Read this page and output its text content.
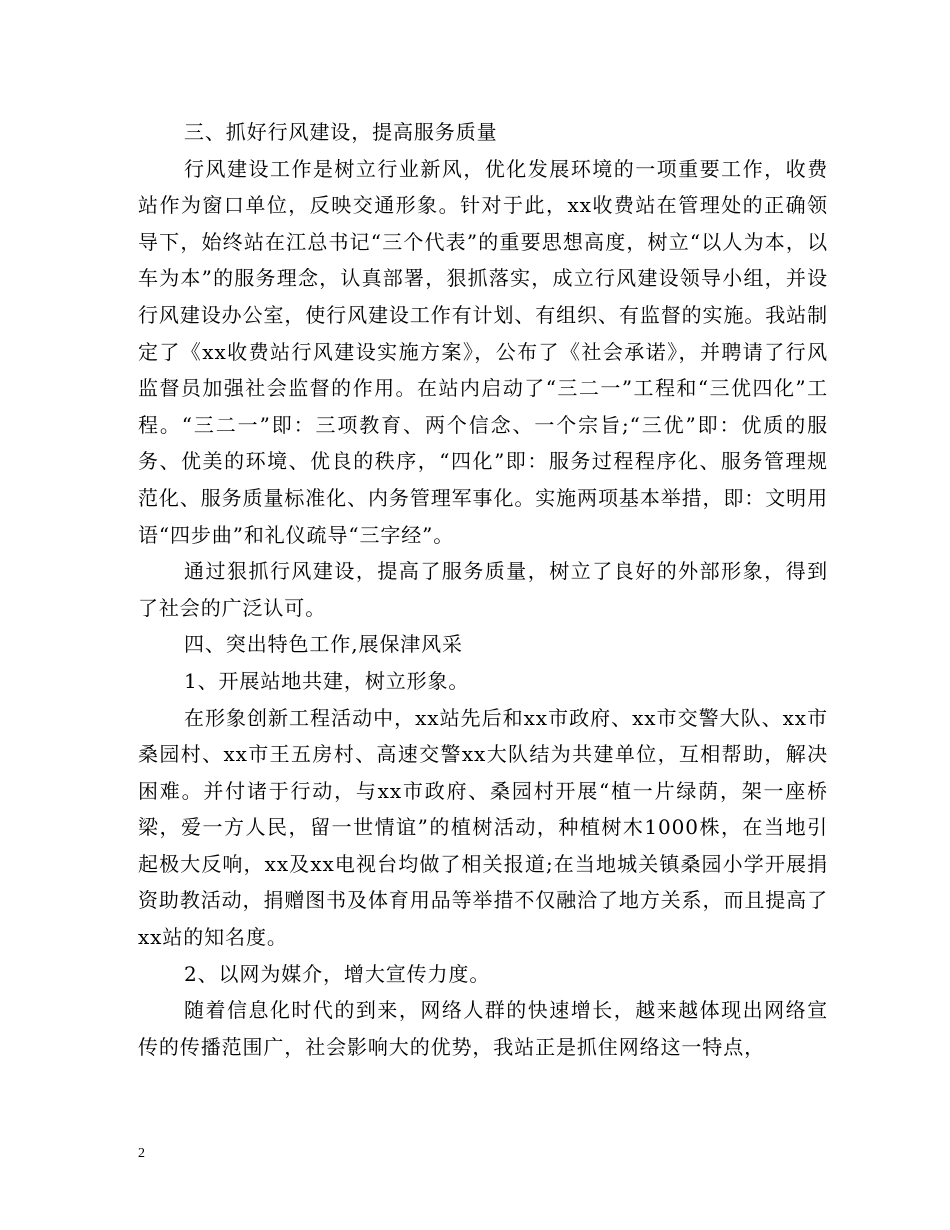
三、抓好行风建设，提高服务质量

行风建设工作是树立行业新风，优化发展环境的一项重要工作，收费站作为窗口单位，反映交通形象。针对于此，xx收费站在管理处的正确领导下，始终站在江总书记“三个代表”的重要思想高度，树立“以人为本，以车为本”的服务理念，认真部署，狠抓落实，成立行风建设领导小组，并设行风建设办公室，使行风建设工作有计划、有组织、有监督的实施。我站制定了《xx收费站行风建设实施方案》，公布了《社会承诺》，并聘请了行风监督员加强社会监督的作用。在站内启动了“三二一”工程和“三优四化”工程。“三二一”即：三项教育、两个信念、一个宗旨;“三优”即：优质的服务、优美的环境、优良的秩序，“四化”即：服务过程程序化、服务管理规范化、服务质量标准化、内务管理军事化。实施两项基本举措，即：文明用语“四步曲”和礼仪疏导“三字经”。

通过狠抓行风建设，提高了服务质量，树立了良好的外部形象，得到了社会的广泛认可。

四、突出特色工作,展保津风采

1、开展站地共建，树立形象。

在形象创新工程活动中，xx站先后和xx市政府、xx市交警大队、xx市桑园村、xx市王五房村、高速交警xx大队结为共建单位，互相帮助，解决困难。并付诸于行动，与xx市政府、桑园村开展“植一片绿荫，架一座桥梁，爱一方人民，留一世情谊”的植树活动，种植树木1000株，在当地引起极大反响，xx及xx电视台均做了相关报道;在当地城关镇桑园小学开展捐资助教活动，捐赠图书及体育用品等举措不仅融洽了地方关系，而且提高了xx站的知名度。

2、以网为媒介，增大宣传力度。

随着信息化时代的到来，网络人群的快速增长，越来越体现出网络宣传的传播范围广，社会影响大的优势，我站正是抓住网络这一特点，

2
